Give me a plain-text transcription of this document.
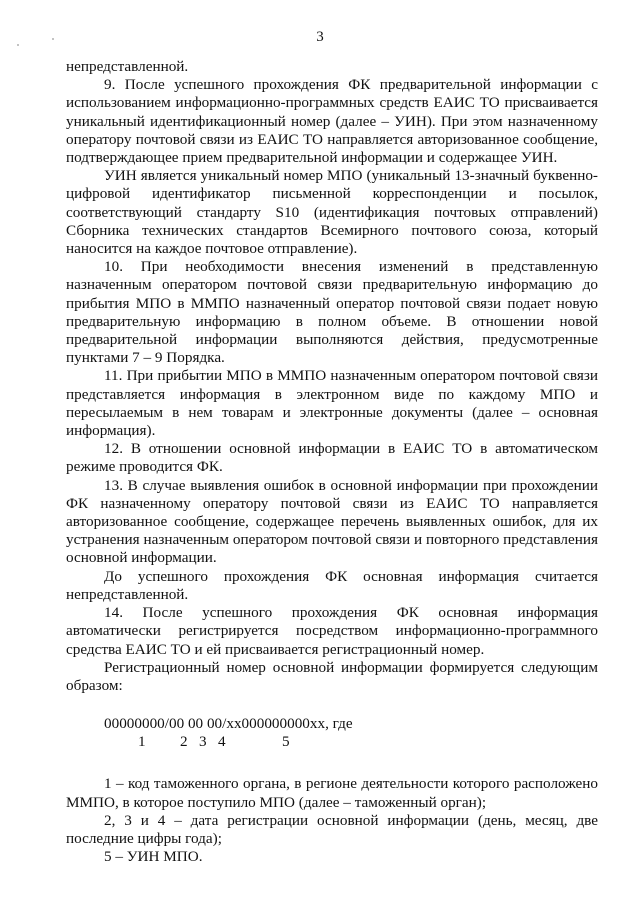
3

непредставленной.

9. После успешного прохождения ФК предварительной информации с использованием информационно-программных средств ЕАИС ТО присваивается уникальный идентификационный номер (далее – УИН). При этом назначенному оператору почтовой связи из ЕАИС ТО направляется авторизованное сообщение, подтверждающее прием предварительной информации и содержащее УИН.

УИН является уникальный номер МПО (уникальный 13-значный буквенно-цифровой идентификатор письменной корреспонденции и посылок, соответствующий стандарту S10 (идентификация почтовых отправлений) Сборника технических стандартов Всемирного почтового союза, который наносится на каждое почтовое отправление).

10. При необходимости внесения изменений в представленную назначенным оператором почтовой связи предварительную информацию до прибытия МПО в ММПО назначенный оператор почтовой связи подает новую предварительную информацию в полном объеме. В отношении новой предварительной информации выполняются действия, предусмотренные пунктами 7 – 9 Порядка.

11. При прибытии МПО в ММПО назначенным оператором почтовой связи представляется информация в электронном виде по каждому МПО и пересылаемым в нем товарам и электронные документы (далее – основная информация).

12. В отношении основной информации в ЕАИС ТО в автоматическом режиме проводится ФК.

13. В случае выявления ошибок в основной информации при прохождении ФК назначенному оператору почтовой связи из ЕАИС ТО направляется авторизованное сообщение, содержащее перечень выявленных ошибок, для их устранения назначенным оператором почтовой связи и повторного представления основной информации.

До успешного прохождения ФК основная информация считается непредставленной.

14. После успешного прохождения ФК основная информация автоматически регистрируется посредством информационно-программного средства ЕАИС ТО и ей присваивается регистрационный номер.

Регистрационный номер основной информации формируется следующим образом:

00000000/00 00 00/хх000000000хх, где

1 2 3 4	5

1 – код таможенного органа, в регионе деятельности которого расположено ММПО, в которое поступило МПО (далее – таможенный орган);

2, 3 и 4 – дата регистрации основной информации (день, месяц, две последние цифры года);

5 – УИН МПО.
